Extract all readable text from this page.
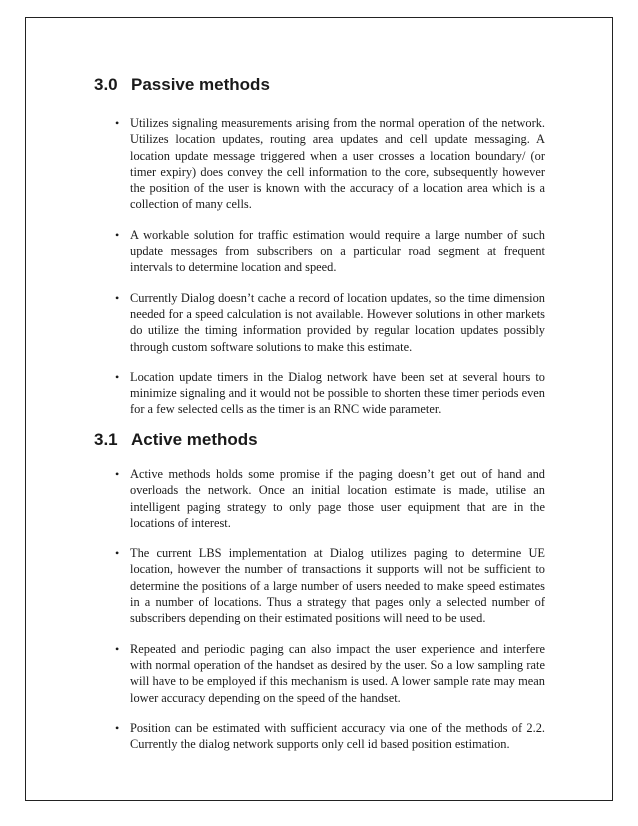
3.0 Passive methods
• Utilizes signaling measurements arising from the normal operation of the network. Utilizes location updates, routing area updates and cell update messaging. A location update message triggered when a user crosses a location boundary/ (or timer expiry) does convey the cell information to the core, subsequently however the position of the user is known with the accuracy of a location area which is a collection of many cells.
• A workable solution for traffic estimation would require a large number of such update messages from subscribers on a particular road segment at frequent intervals to determine location and speed.
• Currently Dialog doesn’t cache a record of location updates, so the time dimension needed for a speed calculation is not available. However solutions in other markets do utilize the timing information provided by regular location updates possibly through custom software solutions to make this estimate.
• Location update timers in the Dialog network have been set at several hours to minimize signaling and it would not be possible to shorten these timer periods even for a few selected cells as the timer is an RNC wide parameter.
3.1 Active methods
• Active methods holds some promise if the paging doesn’t get out of hand and overloads the network. Once an initial location estimate is made, utilise an intelligent paging strategy to only page those user equipment that are in the locations of interest.
• The current LBS implementation at Dialog utilizes paging to determine UE location, however the number of transactions it supports will not be sufficient to determine the positions of a large number of users needed to make speed estimates in a number of locations. Thus a strategy that pages only a selected number of subscribers depending on their estimated positions will need to be used.
• Repeated and periodic paging can also impact the user experience and interfere with normal operation of the handset as desired by the user. So a low sampling rate will have to be employed if this mechanism is used. A lower sample rate may mean lower accuracy depending on the speed of the handset.
• Position can be estimated with sufficient accuracy via one of the methods of 2.2. Currently the dialog network supports only cell id based position estimation.
